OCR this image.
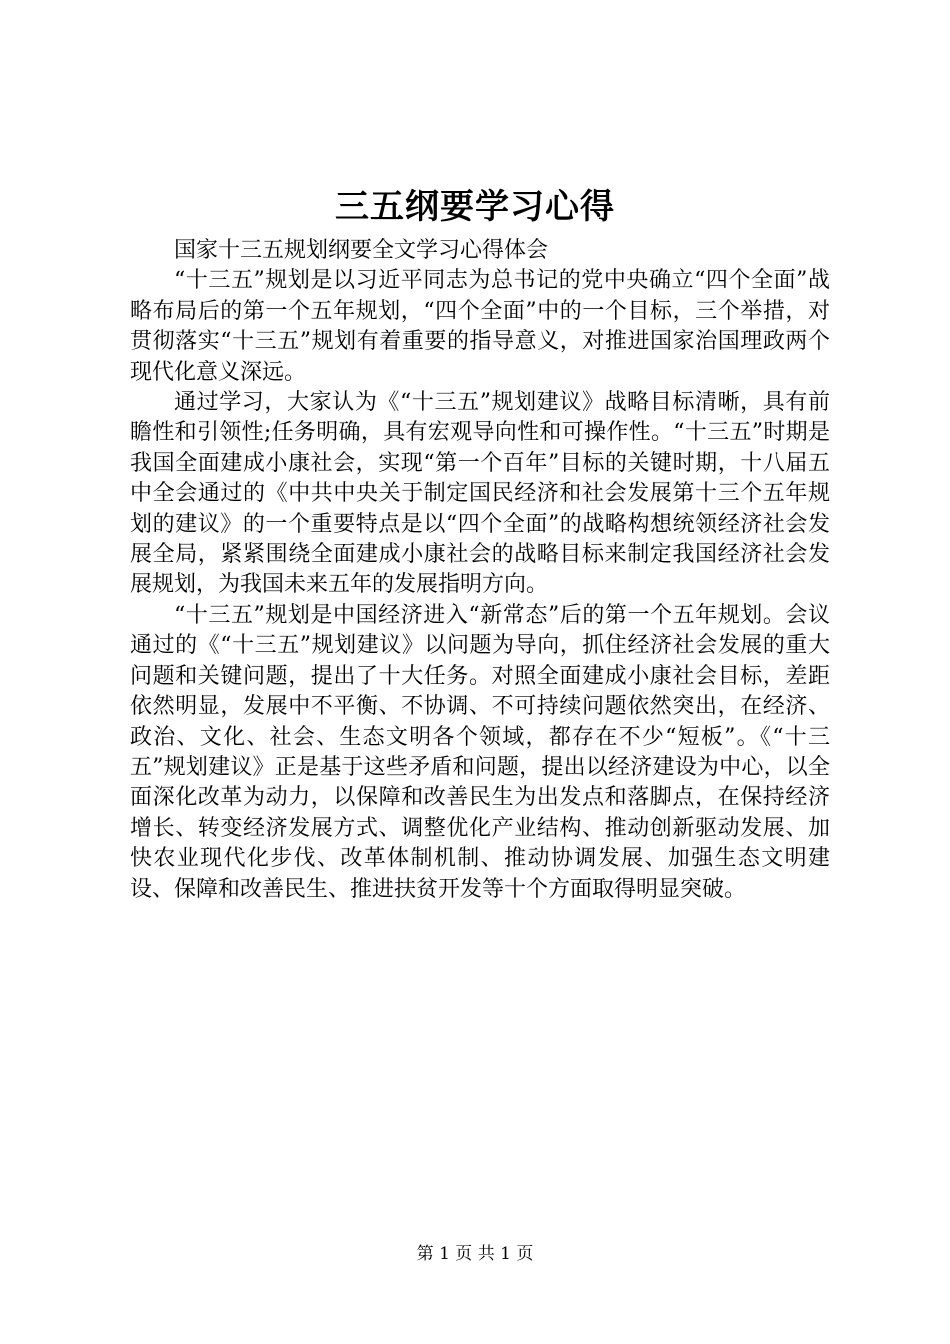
三五纲要学习心得

国家十三五规划纲要全文学习心得体会

“十三五”规划是以习近平同志为总书记的党中央确立“四个全面”战略布局后的第一个五年规划，“四个全面”中的一个目标，三个举措，对贯彻落实“十三五”规划有着重要的指导意义，对推进国家治国理政两个现代化意义深远。

通过学习，大家认为《“十三五”规划建议》战略目标清晰，具有前瞻性和引领性;任务明确，具有宏观导向性和可操作性。“十三五”时期是我国全面建成小康社会，实现“第一个百年”目标的关键时期，十八届五中全会通过的《中共中央关于制定国民经济和社会发展第十三个五年规划的建议》的一个重要特点是以“四个全面”的战略构想统领经济社会发展全局，紧紧围绕全面建成小康社会的战略目标来制定我国经济社会发展规划，为我国未来五年的发展指明方向。

“十三五”规划是中国经济进入“新常态”后的第一个五年规划。会议通过的《“十三五”规划建议》以问题为导向，抓住经济社会发展的重大问题和关键问题，提出了十大任务。对照全面建成小康社会目标，差距依然明显，发展中不平衡、不协调、不可持续问题依然突出，在经济、政治、文化、社会、生态文明各个领域，都存在不少“短板”。《“十三五”规划建议》正是基于这些矛盾和问题，提出以经济建设为中心，以全面深化改革为动力，以保障和改善民生为出发点和落脚点，在保持经济增长、转变经济发展方式、调整优化产业结构、推动创新驱动发展、加快农业现代化步伐、改革体制机制、推动协调发展、加强生态文明建设、保障和改善民生、推进扶贫开发等十个方面取得明显突破。

第 1 页 共 1 页
